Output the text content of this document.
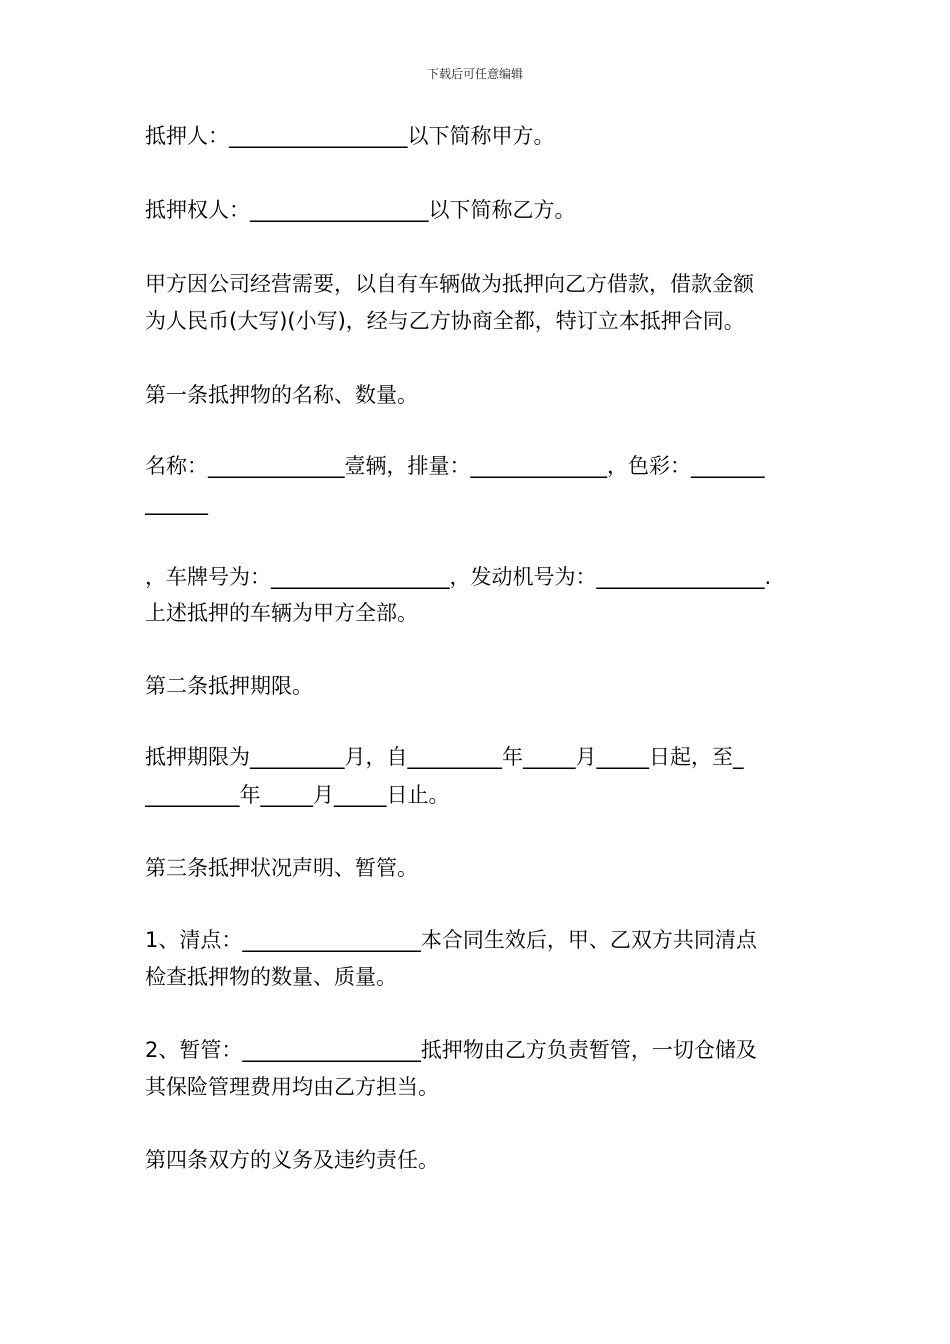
下载后可任意编辑
抵押人：_________________以下简称甲方。
抵押权人：_________________以下简称乙方。
甲方因公司经营需要，以自有车辆做为抵押向乙方借款，借款金额
为人民币(大写)(小写)，经与乙方协商全都，特订立本抵押合同。
第一条抵押物的名称、数量。
名称：_____________壹辆，排量：_____________，色彩：_______
______
，车牌号为：_________________，发动机号为：________________.
上述抵押的车辆为甲方全部。
第二条抵押期限。
抵押期限为_________月，自_________年_____月_____日起，至_
_________年_____月_____日止。
第三条抵押状况声明、暂管。
1、清点：_________________本合同生效后，甲、乙双方共同清点
检查抵押物的数量、质量。
2、暂管：_________________抵押物由乙方负责暂管，一切仓储及
其保险管理费用均由乙方担当。
第四条双方的义务及违约责任。
